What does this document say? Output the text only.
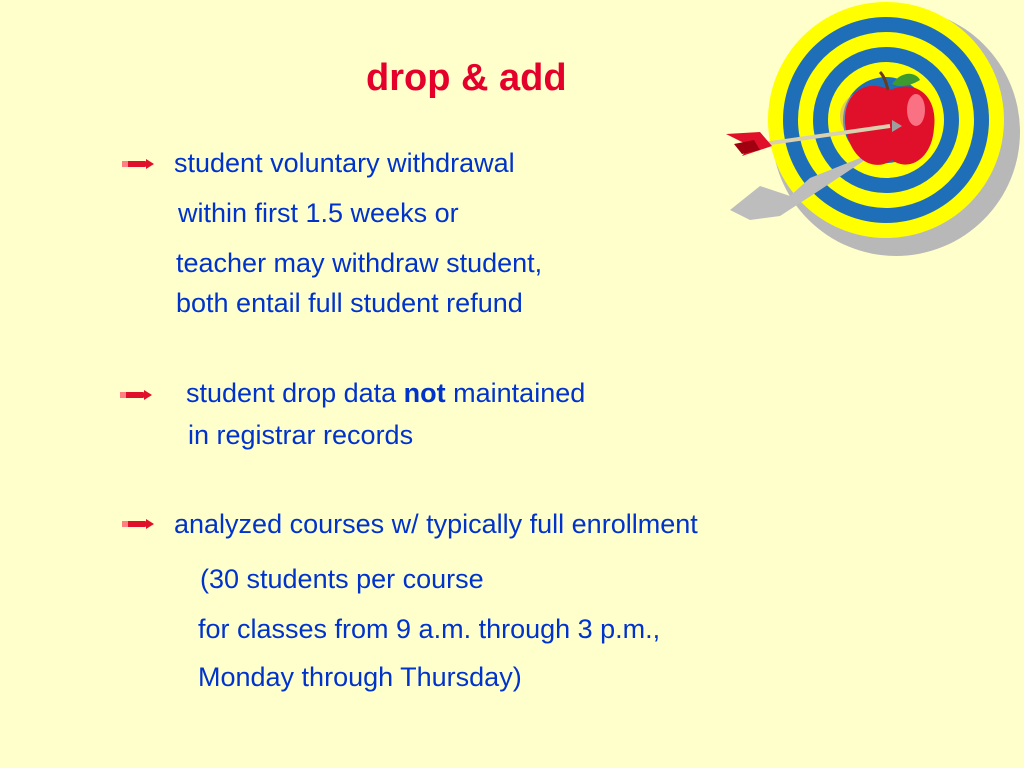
drop & add
student voluntary withdrawal
within first 1.5 weeks or
teacher may withdraw student,
both entail full student refund
student drop data not maintained
in registrar records
analyzed courses w/ typically full enrollment
(30 students per course
for classes from 9 a.m. through 3 p.m.,
Monday through Thursday)
